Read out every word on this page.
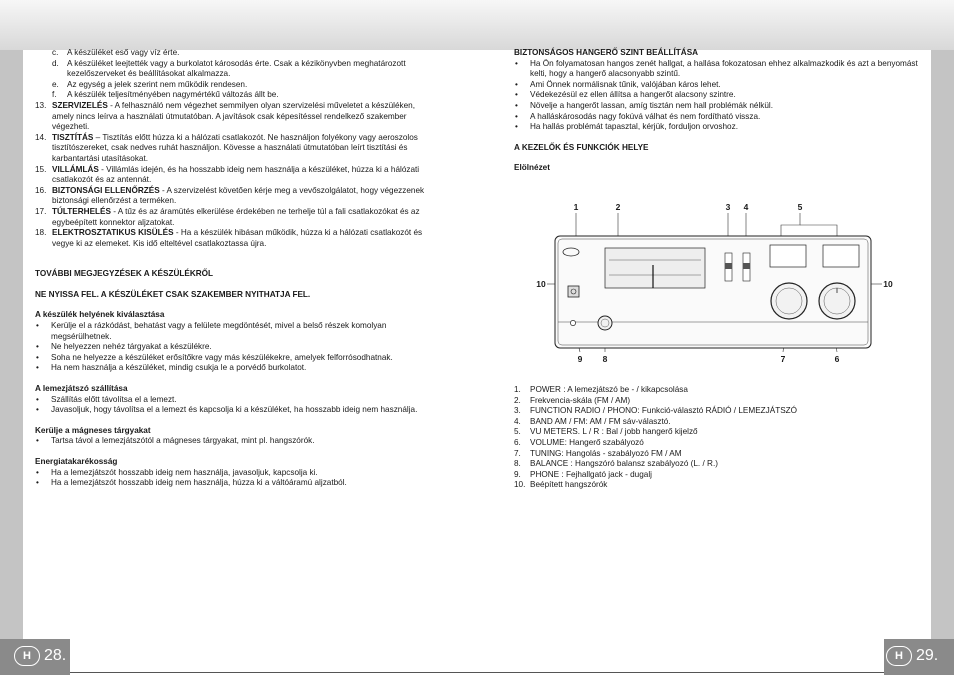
H 28.	H 29.
c.	A készüléket eső vagy víz érte.
d. A készüléket leejtették vagy a burkolatot károsodás érte. Csak a kézikönyvben meghatározott kezelőszerveket és beállításokat alkalmazza.
e. Az egység a jelek szerint nem működik rendesen.
f.	A készülék teljesítményében nagymértékű változás állt be.
13. SZERVIZELÉS - A felhasználó nem végezhet semmilyen olyan szervizelési műveletet a készüléken, amely nincs leírva a használati útmutatóban. A javítások csak képesítéssel rendelkező szakember végezheti.
14. TISZTÍTÁS – Tisztítás előtt húzza ki a hálózati csatlakozót. Ne használjon folyékony vagy aeroszolos tisztítószereket, csak nedves ruhát használjon. Kövesse a használati útmutatóban leírt tisztítási és karbantartási utasításokat.
15. VILLÁMLÁS - Villámlás idején, és ha hosszabb ideig nem használja a készüléket, húzza ki a hálózati csatlakozót és az antennát.
16. BIZTONSÁGI ELLENŐRZÉS - A szervizelést követően kérje meg a vevőszolgálatot, hogy végezzenek biztonsági ellenőrzést a terméken.
17. TÚLTERHELÉS - A tűz és az áramütés elkerülése érdekében ne terhelje túl a fali csatlakozókat és az egybeépített konnektor aljzatokat.
18. ELEKTROSZTATIKUS KISÜLÉS - Ha a készülék hibásan működik, húzza ki a hálózati csatlakozót és vegye ki az elemeket. Kis idő elteltével csatlakoztassa újra.

TOVÁBBI MEGJEGYZÉSEK A KÉSZÜLÉKRŐL

NE NYISSA FEL. A KÉSZÜLÉKET CSAK SZAKEMBER NYITHATJA FEL.

A készülék helyének kiválasztása

•	Kerülje el a rázkódást, behatást vagy a felülete megdöntését, mivel a belső részek komolyan megsérülhetnek.
•	Ne helyezzen nehéz tárgyakat a készülékre.
•	Soha ne helyezze a készüléket erősítőkre vagy más készülékekre, amelyek felforrósodhatnak.
•	Ha nem használja a készüléket, mindig csukja le a porvédő burkolatot.

A lemezjátszó szállítása

•	Szállítás előtt távolítsa el a lemezt.
•	Javasoljuk, hogy távolítsa el a lemezt és kapcsolja ki a készüléket, ha hosszabb ideig nem használja.

Kerülje a mágneses tárgyakat

•	Tartsa távol a lemezjátszótól a mágneses tárgyakat, mint pl. hangszórók.

Energiatakarékosság

•	Ha a lemezjátszót hosszabb ideig nem használja, javasoljuk, kapcsolja ki.
•	Ha a lemezjátszót hosszabb ideig nem használja, húzza ki a váltóáramú aljzatból.

BIZTONSÁGOS HANGERŐ SZINT BEÁLLÍTÁSA

•	Ha Ön folyamatosan hangos zenét hallgat, a hallása fokozatosan ehhez alkalmazkodik és azt a benyomást kelti, hogy a hangerő alacsonyabb szintű.
•	Ami Önnek normálisnak tűnik, valójában káros lehet.
•	Védekezésül ez ellen állítsa a hangerőt alacsony szintre.
•	Növelje a hangerőt lassan, amíg tisztán nem hall problémák nélkül.
•	A halláskárosodás nagy fokúvá válhat és nem fordítható vissza.
•	Ha hallás problémát tapasztal, kérjük, forduljon orvoshoz.

A KEZELŐK ÉS FUNKCIÓK HELYE

Elölnézet

1	2	3 4	5
10	10
9 8	7	6
1.	POWER : A lemezjátszó be - / kikapcsolása
2.	Frekvencia-skála (FM / AM)
3.	FUNCTION RADIO / PHONO: Funkció-választó RÁDIÓ / LEMEZJÁTSZÓ
4.	BAND AM / FM: AM / FM sáv-választó.
5.	VU METERS. L / R : Bal / jobb hangerő kijelző
6.	VOLUME: Hangerő szabályozó
7.	TUNING: Hangolás - szabályozó FM / AM
8.	BALANCE : Hangszóró balansz szabályozó (L. / R.)
9.	PHONE : Fejhallgató jack - dugalj
10. Beépített hangszórók
